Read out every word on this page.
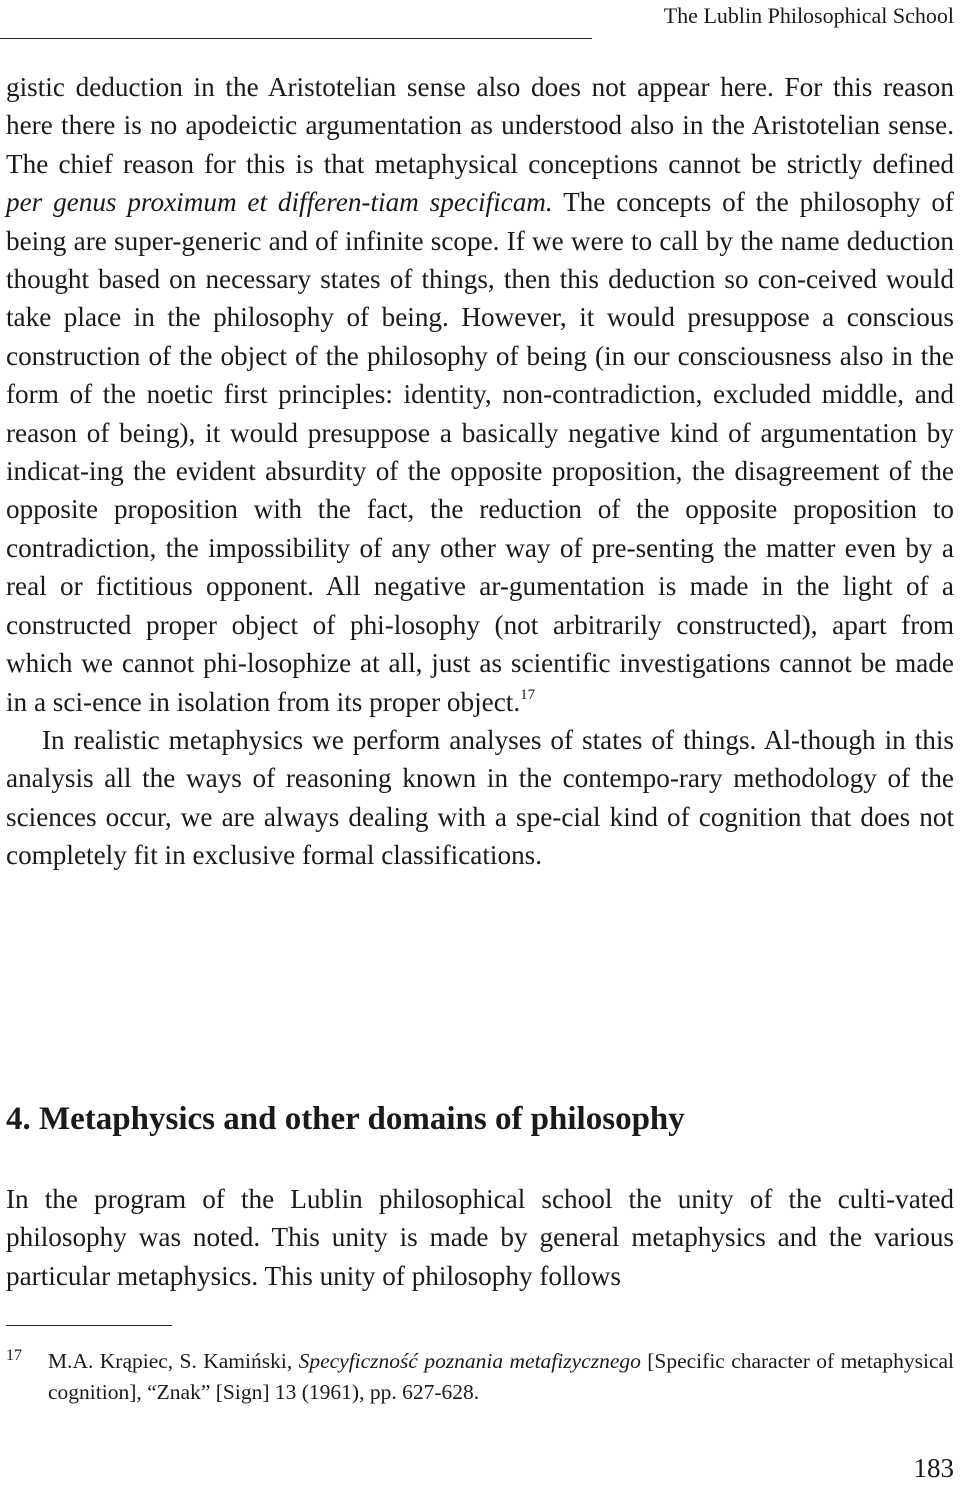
The Lublin Philosophical School

gistic deduction in the Aristotelian sense also does not appear here. For this reason here there is no apodeictic argumentation as understood also in the Aristotelian sense. The chief reason for this is that metaphysical conceptions cannot be strictly defined per genus proximum et differen-tiam specificam. The concepts of the philosophy of being are super-generic and of infinite scope. If we were to call by the name deduction thought based on necessary states of things, then this deduction so con-ceived would take place in the philosophy of being. However, it would presuppose a conscious construction of the object of the philosophy of being (in our consciousness also in the form of the noetic first principles: identity, non-contradiction, excluded middle, and reason of being), it would presuppose a basically negative kind of argumentation by indicat-ing the evident absurdity of the opposite proposition, the disagreement of the opposite proposition with the fact, the reduction of the opposite proposition to contradiction, the impossibility of any other way of pre-senting the matter even by a real or fictitious opponent. All negative ar-gumentation is made in the light of a constructed proper object of phi-losophy (not arbitrarily constructed), apart from which we cannot phi-losophize at all, just as scientific investigations cannot be made in a sci-ence in isolation from its proper object.$^{17}$

In realistic metaphysics we perform analyses of states of things. Al-though in this analysis all the ways of reasoning known in the contempo-rary methodology of the sciences occur, we are always dealing with a spe-cial kind of cognition that does not completely fit in exclusive formal classifications.

4. Metaphysics and other domains of philosophy
In the program of the Lublin philosophical school the unity of the culti-vated philosophy was noted. This unity is made by general metaphysics and the various particular metaphysics. This unity of philosophy follows
17 M.A. Krąpiec, S. Kamiński, Specyficzność poznania metafizycznego [Specific character of metaphysical cognition], “Znak” [Sign] 13 (1961), pp. 627-628.
183
